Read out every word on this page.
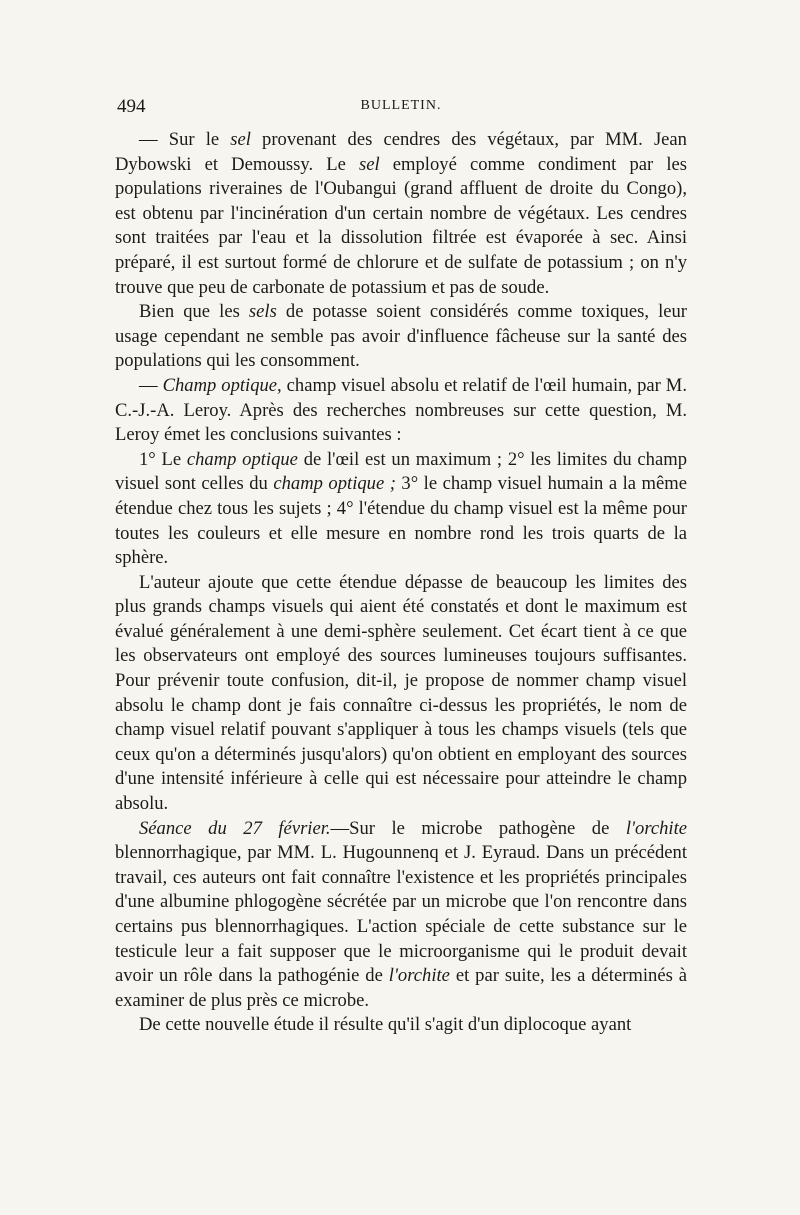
494	BULLETIN.

— Sur le sel provenant des cendres des végétaux, par MM. Jean Dybowski et Demoussy. Le sel employé comme condiment par les populations riveraines de l'Oubangui (grand affluent de droite du Congo), est obtenu par l'incinération d'un certain nombre de végétaux. Les cendres sont traitées par l'eau et la dissolution filtrée est évaporée à sec. Ainsi préparé, il est surtout formé de chlorure et de sulfate de potassium ; on n'y trouve que peu de carbonate de potassium et pas de soude.

Bien que les sels de potasse soient considérés comme toxiques, leur usage cependant ne semble pas avoir d'influence fâcheuse sur la santé des populations qui les consomment.

— Champ optique, champ visuel absolu et relatif de l'œil humain, par M. C.-J.-A. Leroy. Après des recherches nombreuses sur cette question, M. Leroy émet les conclusions suivantes :

1° Le champ optique de l'œil est un maximum ; 2° les limites du champ visuel sont celles du champ optique ; 3° le champ visuel humain a la même étendue chez tous les sujets ; 4° l'étendue du champ visuel est la même pour toutes les couleurs et elle mesure en nombre rond les trois quarts de la sphère.

L'auteur ajoute que cette étendue dépasse de beaucoup les limites des plus grands champs visuels qui aient été constatés et dont le maximum est évalué généralement à une demi-sphère seulement. Cet écart tient à ce que les observateurs ont employé des sources lumineuses toujours suffisantes. Pour prévenir toute confusion, dit-il, je propose de nommer champ visuel absolu le champ dont je fais connaître ci-dessus les propriétés, le nom de champ visuel relatif pouvant s'appliquer à tous les champs visuels (tels que ceux qu'on a déterminés jusqu'alors) qu'on obtient en employant des sources d'une intensité inférieure à celle qui est nécessaire pour atteindre le champ absolu.

Séance du 27 février.—Sur le microbe pathogène de l'orchite blennorrhagique, par MM. L. Hugounnenq et J. Eyraud. Dans un précédent travail, ces auteurs ont fait connaître l'existence et les propriétés principales d'une albumine phlogogène sécrétée par un microbe que l'on rencontre dans certains pus blennorrhagiques. L'action spéciale de cette substance sur le testicule leur a fait supposer que le microorganisme qui le produit devait avoir un rôle dans la pathogénie de l'orchite et par suite, les a déterminés à examiner de plus près ce microbe.

De cette nouvelle étude il résulte qu'il s'agit d'un diplocoque ayant
